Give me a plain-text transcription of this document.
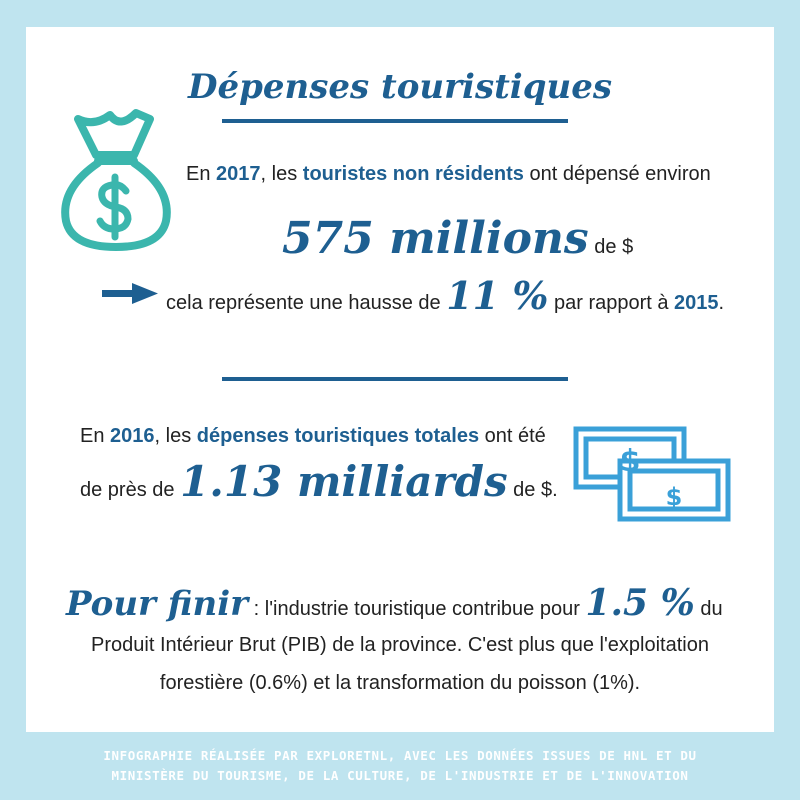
Dépenses touristiques
En 2017, les touristes non résidents ont dépensé environ
575 millions de $
cela représente une hausse de 11 % par rapport à 2015.
En 2016, les dépenses touristiques totales ont été
de près de 1.13 milliards de $.
$
$
Pour finir : l'industrie touristique contribue pour 1.5 % du
Produit Intérieur Brut (PIB) de la province. C'est plus que l'exploitation
forestière (0.6%) et la transformation du poisson (1%).
INFOGRAPHIE RÉALISÉE PAR EXPLORETNL, AVEC LES DONNÉES ISSUES DE HNL ET DU
MINISTÈRE DU TOURISME, DE LA CULTURE, DE L'INDUSTRIE ET DE L'INNOVATION
